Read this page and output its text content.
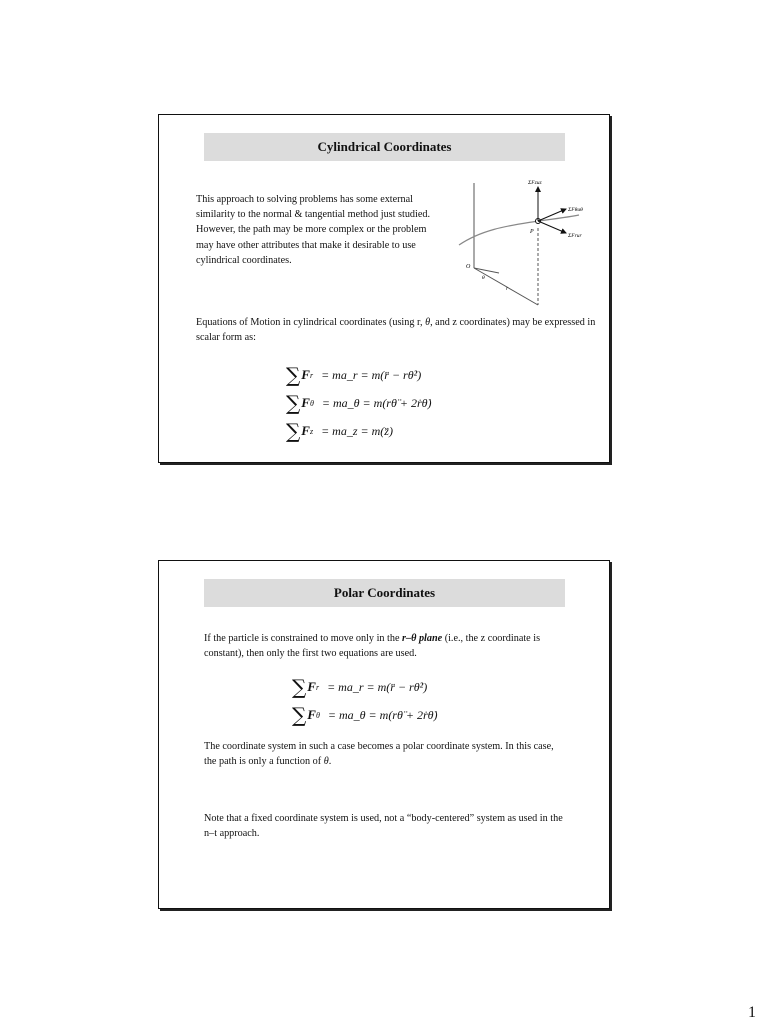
Cylindrical Coordinates
This approach to solving problems has some external similarity to the normal & tangential method just studied. However, the path may be more complex or the problem may have other attributes that make it desirable to use cylindrical coordinates.
ΣFzuz
ΣFθuθ
ΣFrur
P
O
θ
r
Equations of Motion in cylindrical coordinates (using r, θ, and z coordinates) may be expressed in scalar form as:
∑ F r = ma_r = m(r̈ − rθ̇²)
∑ F θ = ma_θ = m(rθ̈ + 2ṙθ̇)
∑ F z = ma_z = m(z̈)
Polar Coordinates
If the particle is constrained to move only in the r–θ plane (i.e., the z coordinate is constant), then only the first two equations are used.
∑ F r = ma_r = m(r̈ − rθ̇²)
∑ F θ = ma_θ = m(rθ̈ + 2ṙθ̇)
The coordinate system in such a case becomes a polar coordinate system. In this case, the path is only a function of θ.
Note that a fixed coordinate system is used, not a “body-centered” system as used in the n–t approach.
1
